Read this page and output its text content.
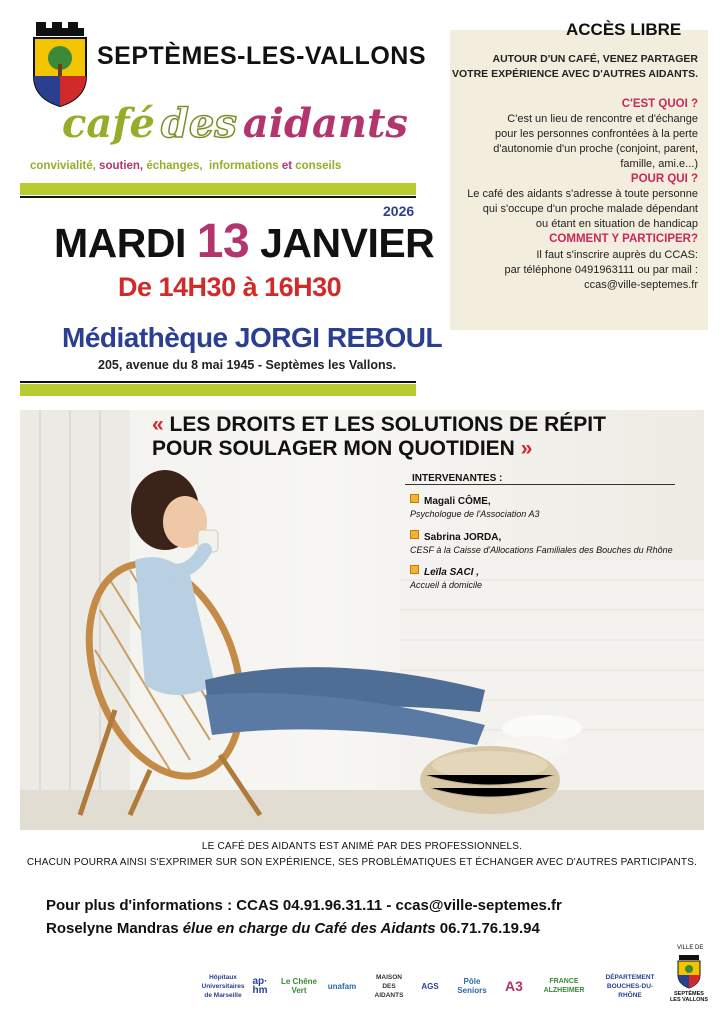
SEPTÈMES-LES-VALLONS
café des aidants
convivialité, soutien, échanges, informations et conseils
2026
MARDI 13 JANVIER
De 14H30 à 16H30
Médiathèque JORGI REBOUL
205, avenue du 8 mai 1945 - Septèmes les Vallons.
ACCÈS LIBRE
AUTOUR D'UN CAFÉ, VENEZ PARTAGER
VOTRE EXPÉRIENCE AVEC D'AUTRES AIDANTS.
C'EST QUOI ?
C'est un lieu de rencontre et d'échange
pour les personnes confrontées à la perte
d'autonomie d'un proche (conjoint, parent,
famille, ami.e...)
POUR QUI ?
Le café des aidants s'adresse à toute personne
qui s'occupe d'un proche malade dépendant
ou étant en situation de handicap
COMMENT Y PARTICIPER?
Il faut s'inscrire auprès du CCAS:
par téléphone 0491963111 ou par mail :
ccas@ville-septemes.fr
« LES DROITS ET LES SOLUTIONS DE RÉPIT
POUR SOULAGER MON QUOTIDIEN »
INTERVENANTES :
Magali CÔME,
Psychologue de l'Association A3
Sabrina JORDA,
CESF à la Caisse d'Allocations Familiales des Bouches du Rhône
Leïla SACI ,
Accueil à domicile
LE CAFÉ DES AIDANTS EST ANIMÉ PAR DES PROFESSIONNELS.
CHACUN POURRA AINSI S'EXPRIMER SUR SON EXPÉRIENCE, SES PROBLÉMATIQUES ET ÉCHANGER AVEC D'AUTRES PARTICIPANTS.
Pour plus d'informations : CCAS 04.91.96.31.11 - ccas@ville-septemes.fr
Roselyne Mandras élue en charge du Café des Aidants 06.71.76.19.94
Hôpitaux Universitaires de Marseille
ap· hm
Le Chêne Vert	unafam
MAISON DES AIDANTS
AGS	Pôle Seniors	A3	FRANCE ALZHEIMER
DÉPARTEMENT BOUCHES-DU-RHÔNE
VILLE DE
SEPTÈMES LES VALLONS
